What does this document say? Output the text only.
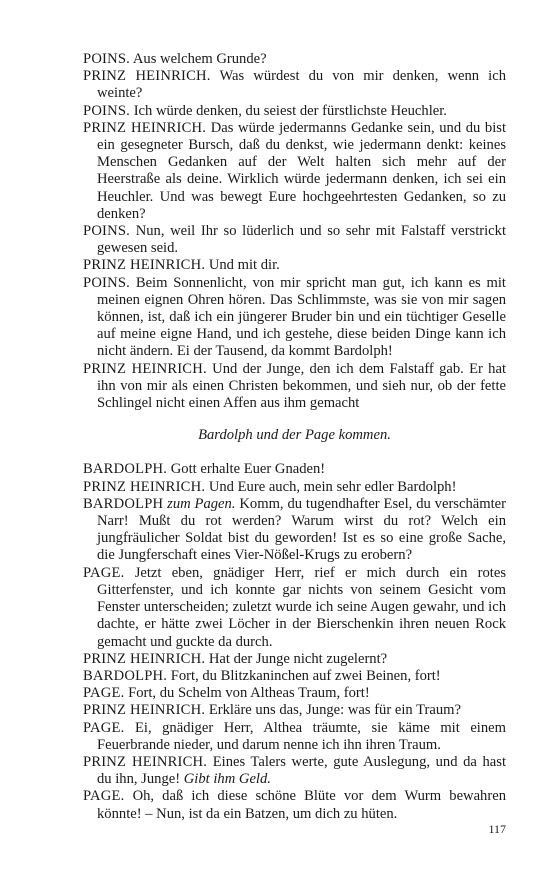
POINS. Aus welchem Grunde?

PRINZ HEINRICH. Was würdest du von mir denken, wenn ich weinte?

POINS. Ich würde denken, du seiest der fürstlichste Heuchler.

PRINZ HEINRICH. Das würde jedermanns Gedanke sein, und du bist ein gesegneter Bursch, daß du denkst, wie jedermann denkt: keines Menschen Gedanken auf der Welt halten sich mehr auf der Heerstraße als deine. Wirklich würde jedermann denken, ich sei ein Heuchler. Und was bewegt Eure hochgeehrtesten Gedanken, so zu denken?

POINS. Nun, weil Ihr so lüderlich und so sehr mit Falstaff verstrickt gewesen seid.

PRINZ HEINRICH. Und mit dir.

POINS. Beim Sonnenlicht, von mir spricht man gut, ich kann es mit meinen eignen Ohren hören. Das Schlimmste, was sie von mir sagen können, ist, daß ich ein jüngerer Bruder bin und ein tüchtiger Geselle auf meine eigne Hand, und ich gestehe, diese beiden Dinge kann ich nicht ändern. Ei der Tausend, da kommt Bardolph!

PRINZ HEINRICH. Und der Junge, den ich dem Falstaff gab. Er hat ihn von mir als einen Christen bekommen, und sieh nur, ob der fette Schlingel nicht einen Affen aus ihm gemacht

Bardolph und der Page kommen.

BARDOLPH. Gott erhalte Euer Gnaden!

PRINZ HEINRICH. Und Eure auch, mein sehr edler Bardolph!

BARDOLPH zum Pagen. Komm, du tugendhafter Esel, du verschämter Narr! Mußt du rot werden? Warum wirst du rot? Welch ein jungfräulicher Soldat bist du geworden! Ist es so eine große Sache, die Jungferschaft eines Vier-Nößel-Krugs zu erobern?

PAGE. Jetzt eben, gnädiger Herr, rief er mich durch ein rotes Gitterfenster, und ich konnte gar nichts von seinem Gesicht vom Fenster unterscheiden; zuletzt wurde ich seine Augen gewahr, und ich dachte, er hätte zwei Löcher in der Bierschenkin ihren neuen Rock gemacht und guckte da durch.

PRINZ HEINRICH. Hat der Junge nicht zugelernt?

BARDOLPH. Fort, du Blitzkaninchen auf zwei Beinen, fort!

PAGE. Fort, du Schelm von Altheas Traum, fort!

PRINZ HEINRICH. Erkläre uns das, Junge: was für ein Traum?

PAGE. Ei, gnädiger Herr, Althea träumte, sie käme mit einem Feuerbrande nieder, und darum nenne ich ihn ihren Traum.

PRINZ HEINRICH. Eines Talers werte, gute Auslegung, und da hast du ihn, Junge! Gibt ihm Geld.

PAGE. Oh, daß ich diese schöne Blüte vor dem Wurm bewahren könnte! – Nun, ist da ein Batzen, um dich zu hüten.

117
